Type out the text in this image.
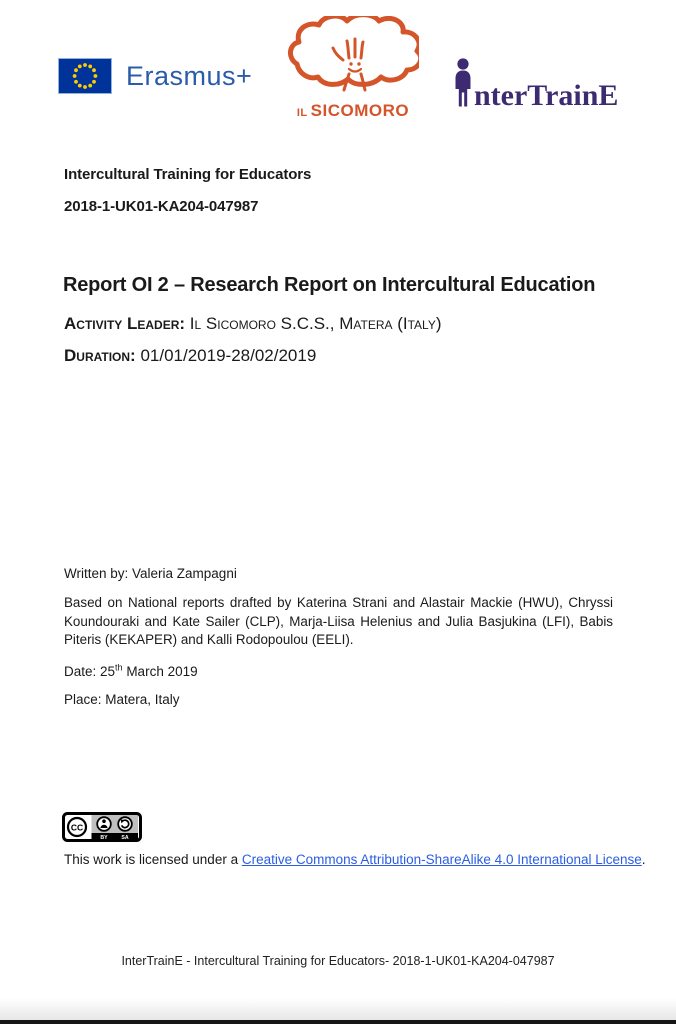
Erasmus+
IL SICOMORO	nterTrainE
Intercultural Training for Educators
2018-1-UK01-KA204-047987
Report OI 2 – Research Report on Intercultural Education
Activity Leader: Il Sicomoro S.C.S., Matera (Italy)
Duration: 01/01/2019-28/02/2019
Written by: Valeria Zampagni
Based on National reports drafted by Katerina Strani and Alastair Mackie (HWU), Chryssi Koundouraki and Kate Sailer (CLP), Marja-Liisa Helenius and Julia Basjukina (LFI), Babis Piteris (KEKAPER) and Kalli Rodopoulou (EELI).
Date: 25th March 2019
Place: Matera, Italy
CC
BY	SA
This work is licensed under a Creative Commons Attribution-ShareAlike 4.0 International License.
InterTrainE - Intercultural Training for Educators- 2018-1-UK01-KA204-047987
